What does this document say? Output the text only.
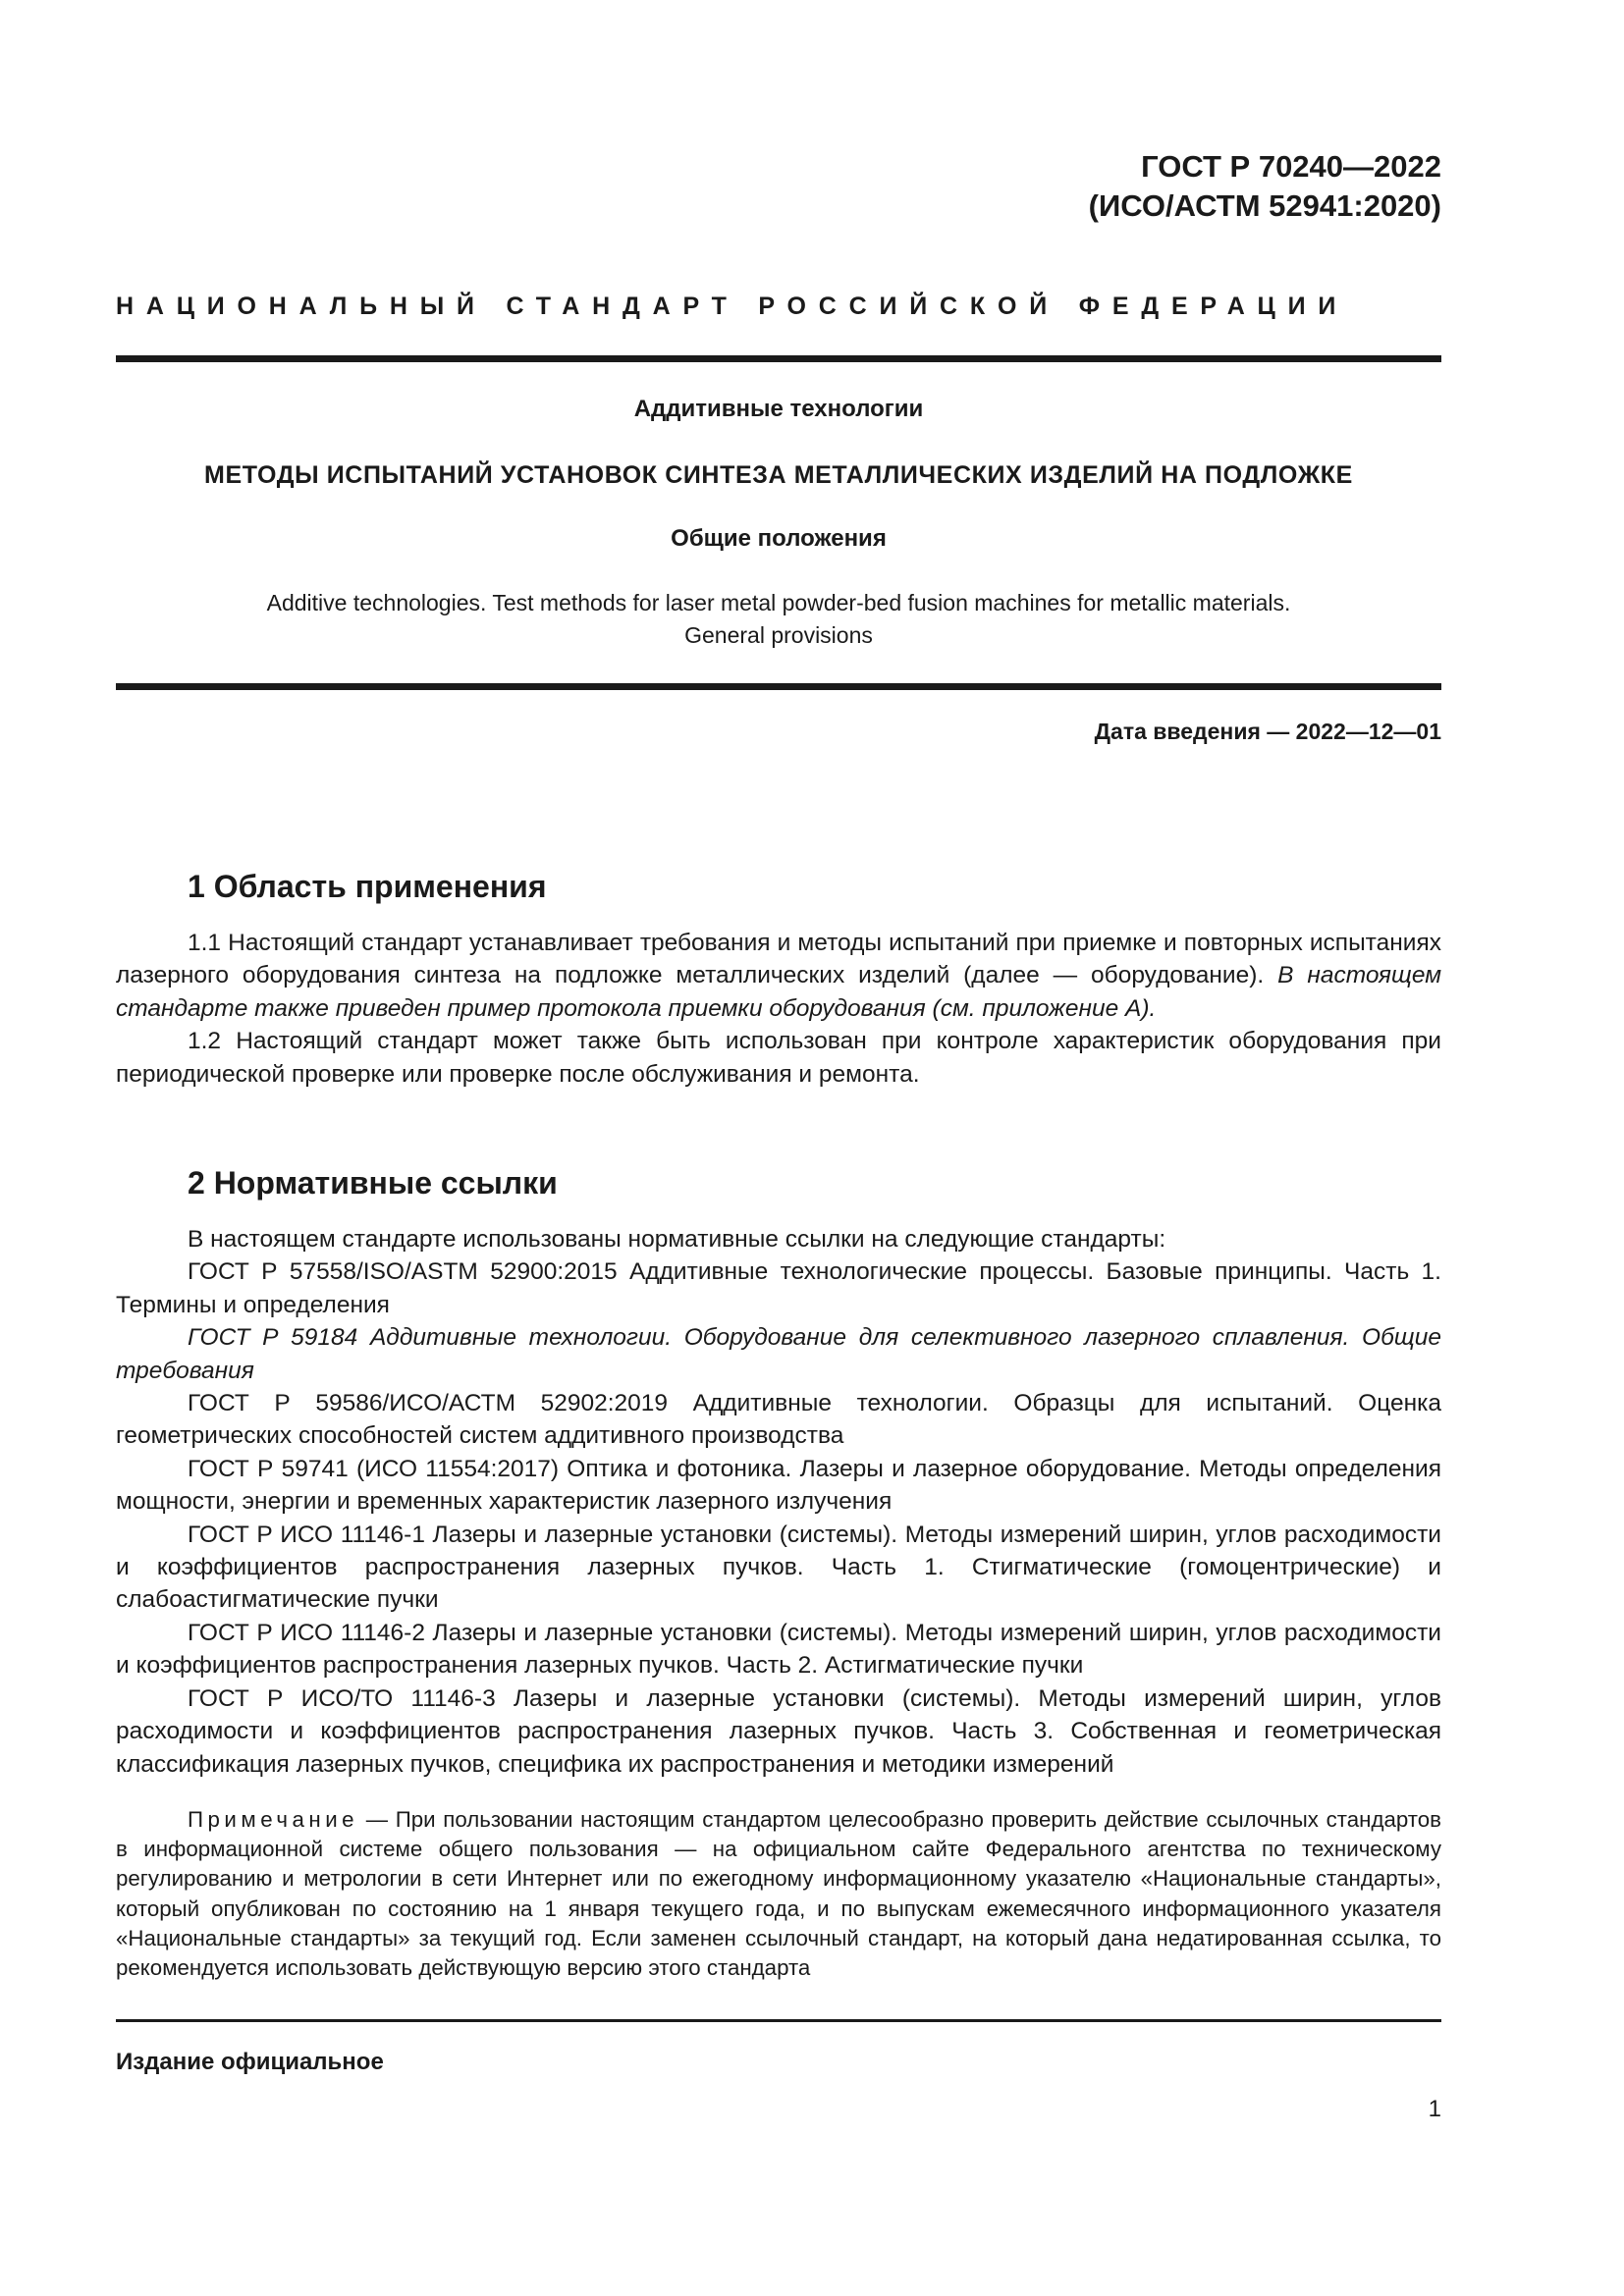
ГОСТ Р 70240—2022
(ИСО/АСТМ 52941:2020)
НАЦИОНАЛЬНЫЙ СТАНДАРТ РОССИЙСКОЙ ФЕДЕРАЦИИ
Аддитивные технологии
МЕТОДЫ ИСПЫТАНИЙ УСТАНОВОК СИНТЕЗА МЕТАЛЛИЧЕСКИХ ИЗДЕЛИЙ НА ПОДЛОЖКЕ
Общие положения
Additive technologies. Test methods for laser metal powder-bed fusion machines for metallic materials.
General provisions
Дата введения — 2022—12—01
1 Область применения

1.1 Настоящий стандарт устанавливает требования и методы испытаний при приемке и повторных испытаниях лазерного оборудования синтеза на подложке металлических изделий (далее — оборудование). В настоящем стандарте также приведен пример протокола приемки оборудования (см. приложение А).

1.2 Настоящий стандарт может также быть использован при контроле характеристик оборудования при периодической проверке или проверке после обслуживания и ремонта.

2 Нормативные ссылки

В настоящем стандарте использованы нормативные ссылки на следующие стандарты:

ГОСТ Р 57558/ISO/ASTM 52900:2015 Аддитивные технологические процессы. Базовые принципы. Часть 1. Термины и определения

ГОСТ Р 59184 Аддитивные технологии. Оборудование для селективного лазерного сплавления. Общие требования

ГОСТ Р 59586/ИСО/АСТМ 52902:2019 Аддитивные технологии. Образцы для испытаний. Оценка геометрических способностей систем аддитивного производства

ГОСТ Р 59741 (ИСО 11554:2017) Оптика и фотоника. Лазеры и лазерное оборудование. Методы определения мощности, энергии и временных характеристик лазерного излучения

ГОСТ Р ИСО 11146-1 Лазеры и лазерные установки (системы). Методы измерений ширин, углов расходимости и коэффициентов распространения лазерных пучков. Часть 1. Стигматические (гомоцентрические) и слабоастигматические пучки

ГОСТ Р ИСО 11146-2 Лазеры и лазерные установки (системы). Методы измерений ширин, углов расходимости и коэффициентов распространения лазерных пучков. Часть 2. Астигматические пучки

ГОСТ Р ИСО/ТО 11146-3 Лазеры и лазерные установки (системы). Методы измерений ширин, углов расходимости и коэффициентов распространения лазерных пучков. Часть 3. Собственная и геометрическая классификация лазерных пучков, специфика их распространения и методики измерений

Примечание — При пользовании настоящим стандартом целесообразно проверить действие ссылочных стандартов в информационной системе общего пользования — на официальном сайте Федерального агентства по техническому регулированию и метрологии в сети Интернет или по ежегодному информационному указателю «Национальные стандарты», который опубликован по состоянию на 1 января текущего года, и по выпускам ежемесячного информационного указателя «Национальные стандарты» за текущий год. Если заменен ссылочный стандарт, на который дана недатированная ссылка, то рекомендуется использовать действующую версию этого стандарта

Издание официальное
1
